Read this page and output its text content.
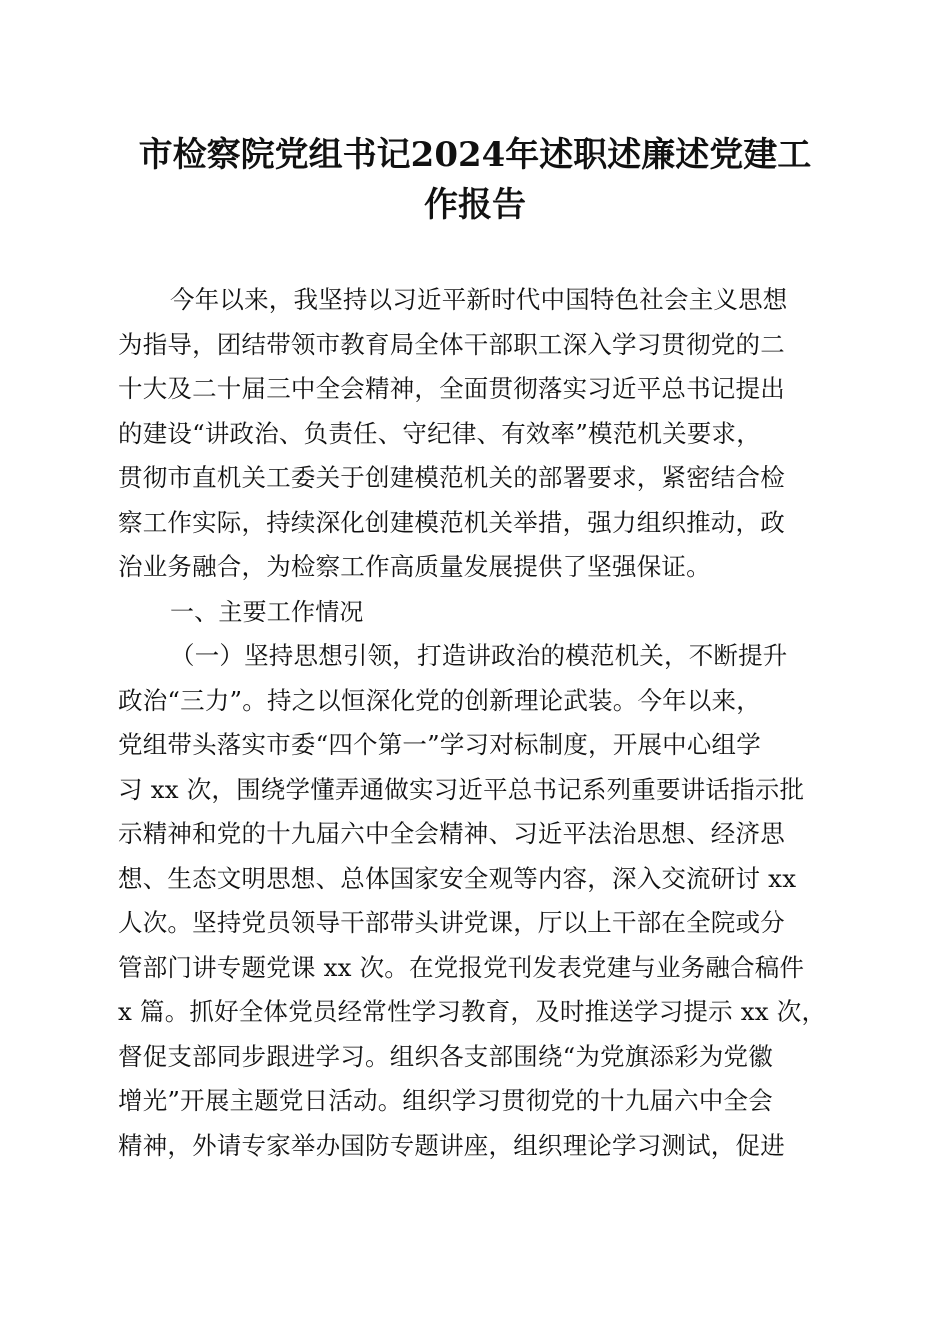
市检察院党组书记2024年述职述廉述党建工
作报告
今年以来，我坚持以习近平新时代中国特色社会主义思想
为指导，团结带领市教育局全体干部职工深入学习贯彻党的二
十大及二十届三中全会精神，全面贯彻落实习近平总书记提出
的建设“讲政治、负责任、守纪律、有效率”模范机关要求，
贯彻市直机关工委关于创建模范机关的部署要求，紧密结合检
察工作实际，持续深化创建模范机关举措，强力组织推动，政
治业务融合，为检察工作高质量发展提供了坚强保证。
一、主要工作情况
（一）坚持思想引领，打造讲政治的模范机关，不断提升
政治“三力”。持之以恒深化党的创新理论武装。今年以来，
党组带头落实市委“四个第一”学习对标制度，开展中心组学
习 xx 次，围绕学懂弄通做实习近平总书记系列重要讲话指示批
示精神和党的十九届六中全会精神、习近平法治思想、经济思
想、生态文明思想、总体国家安全观等内容，深入交流研讨 xx
人次。坚持党员领导干部带头讲党课，厅以上干部在全院或分
管部门讲专题党课 xx 次。在党报党刊发表党建与业务融合稿件
x 篇。抓好全体党员经常性学习教育，及时推送学习提示 xx 次，
督促支部同步跟进学习。组织各支部围绕“为党旗添彩为党徽
增光”开展主题党日活动。组织学习贯彻党的十九届六中全会
精神，外请专家举办国防专题讲座，组织理论学习测试，促进
